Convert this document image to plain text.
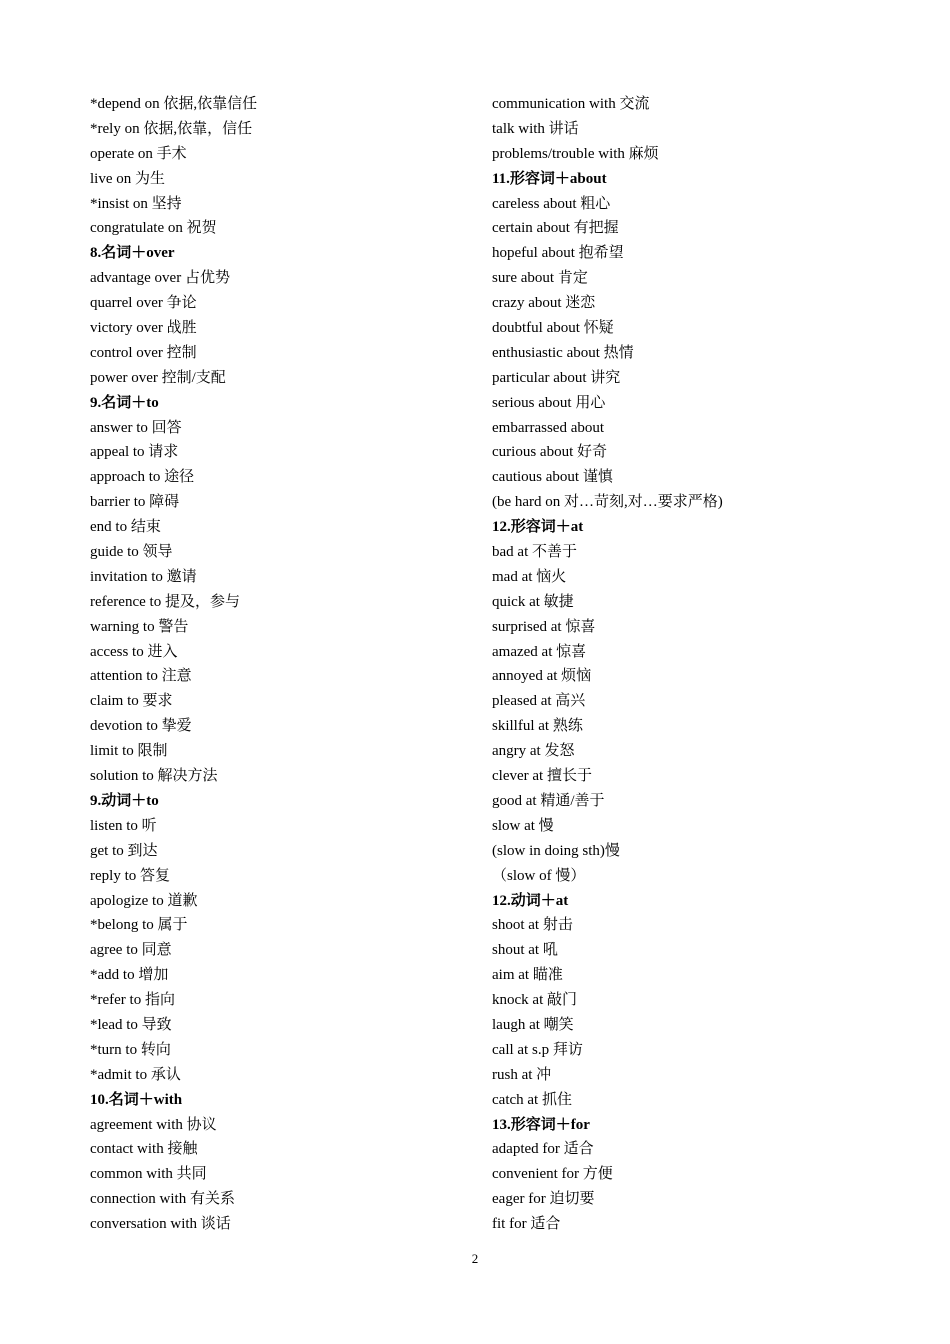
*depend on 依据,依靠信任
*rely on 依据,依靠，信任
operate on 手术
live on 为生
*insist on 坚持
congratulate on 祝贺
8.名词＋over
advantage over 占优势
quarrel over 争论
victory over 战胜
control over 控制
power over 控制/支配
9.名词＋to
answer to 回答
appeal to 请求
approach to 途径
barrier to 障碍
end to 结束
guide to 领导
invitation to 邀请
reference to 提及，参与
warning to 警告
access to 进入
attention to 注意
claim to 要求
devotion to 挚爱
limit to 限制
solution to 解决方法
9.动词＋to
listen to 听
get to 到达
reply to 答复
apologize to 道歉
*belong to 属于
agree to 同意
*add to 增加
*refer to 指向
*lead to 导致
*turn to 转向
*admit to 承认
10.名词＋with
agreement with 协议
contact with 接触
common with 共同
connection with 有关系
conversation with 谈话
communication with 交流
talk with 讲话
problems/trouble with 麻烦
11.形容词＋about
careless about 粗心
certain about 有把握
hopeful about 抱希望
sure about 肯定
crazy about 迷恋
doubtful about 怀疑
enthusiastic about 热情
particular about 讲究
serious about 用心
embarrassed about
curious about 好奇
cautious about 谨慎
(be hard on 对…苛刻,对…要求严格)
12.形容词＋at
bad at 不善于
mad at 恼火
quick at 敏捷
surprised at 惊喜
amazed at 惊喜
annoyed at 烦恼
pleased at 高兴
skillful at 熟练
angry at 发怒
clever at 擅长于
good at 精通/善于
slow at 慢
(slow in doing sth)慢
（slow of 慢）
12.动词＋at
shoot at 射击
shout at 吼
aim at 瞄准
knock at 敲门
laugh at 嘲笑
call at s.p 拜访
rush at 冲
catch at 抓住
13.形容词＋for
adapted for 适合
convenient for 方便
eager for 迫切要
fit for 适合
2
